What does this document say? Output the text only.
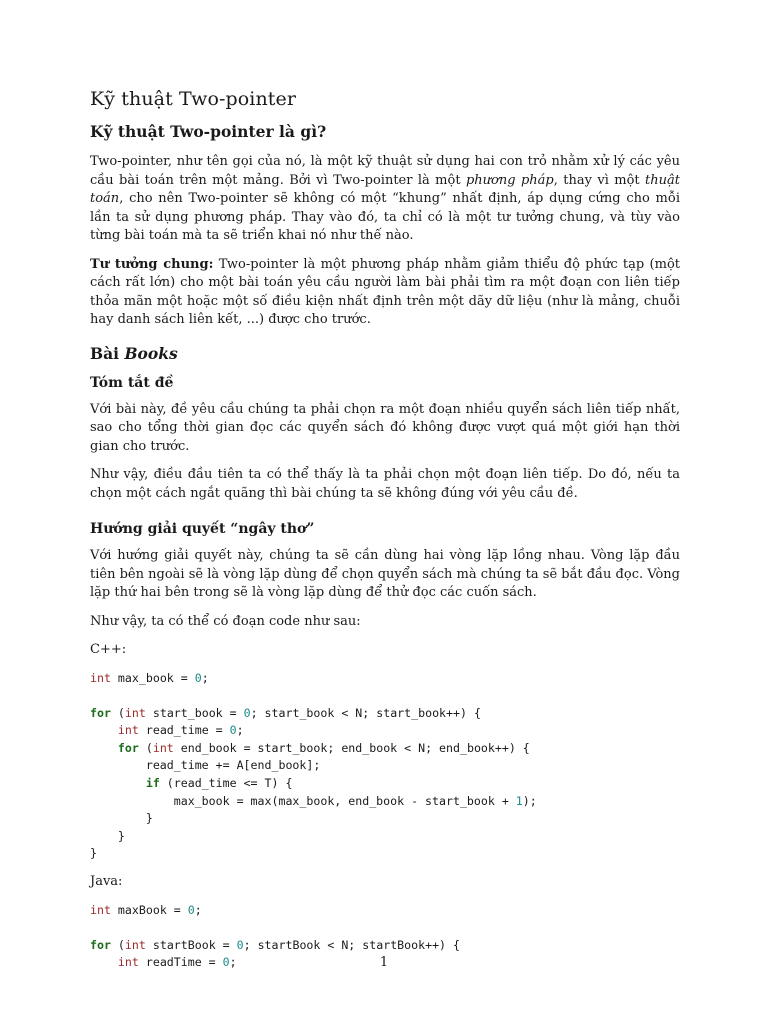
Kỹ thuật Two-pointer
Kỹ thuật Two-pointer là gì?

Two-pointer, như tên gọi của nó, là một kỹ thuật sử dụng hai con trỏ nhằm xử lý các yêu cầu bài toán trên một mảng. Bởi vì Two-pointer là một phương pháp, thay vì một thuật toán, cho nên Two-pointer sẽ không có một “khung” nhất định, áp dụng cứng cho mỗi lần ta sử dụng phương pháp. Thay vào đó, ta chỉ có là một tư tưởng chung, và tùy vào từng bài toán mà ta sẽ triển khai nó như thế nào.

Tư tưởng chung: Two-pointer là một phương pháp nhằm giảm thiểu độ phức tạp (một cách rất lớn) cho một bài toán yêu cầu người làm bài phải tìm ra một đoạn con liên tiếp thỏa mãn một hoặc một số điều kiện nhất định trên một dãy dữ liệu (như là mảng, chuỗi hay danh sách liên kết, ...) được cho trước.

Bài Books
Tóm tắt đề

Với bài này, đề yêu cầu chúng ta phải chọn ra một đoạn nhiều quyển sách liên tiếp nhất, sao cho tổng thời gian đọc các quyển sách đó không được vượt quá một giới hạn thời gian cho trước.

Như vậy, điều đầu tiên ta có thể thấy là ta phải chọn một đoạn liên tiếp. Do đó, nếu ta chọn một cách ngắt quãng thì bài chúng ta sẽ không đúng với yêu cầu đề.

Hướng giải quyết “ngây thơ”

Với hướng giải quyết này, chúng ta sẽ cần dùng hai vòng lặp lồng nhau. Vòng lặp đầu tiên bên ngoài sẽ là vòng lặp dùng để chọn quyển sách mà chúng ta sẽ bắt đầu đọc. Vòng lặp thứ hai bên trong sẽ là vòng lặp dùng để thử đọc các cuốn sách.

Như vậy, ta có thể có đoạn code như sau:

C++:

int max_book = 0;

for (int start_book = 0; start_book < N; start_book++) {
int read_time = 0;
for (int end_book = start_book; end_book < N; end_book++) {
read_time += A[end_book];
if (read_time <= T) {
max_book = max(max_book, end_book - start_book + 1);
}
}
}

Java:

int maxBook = 0;

for (int startBook = 0; startBook < N; startBook++) {
int readTime = 0;	1
